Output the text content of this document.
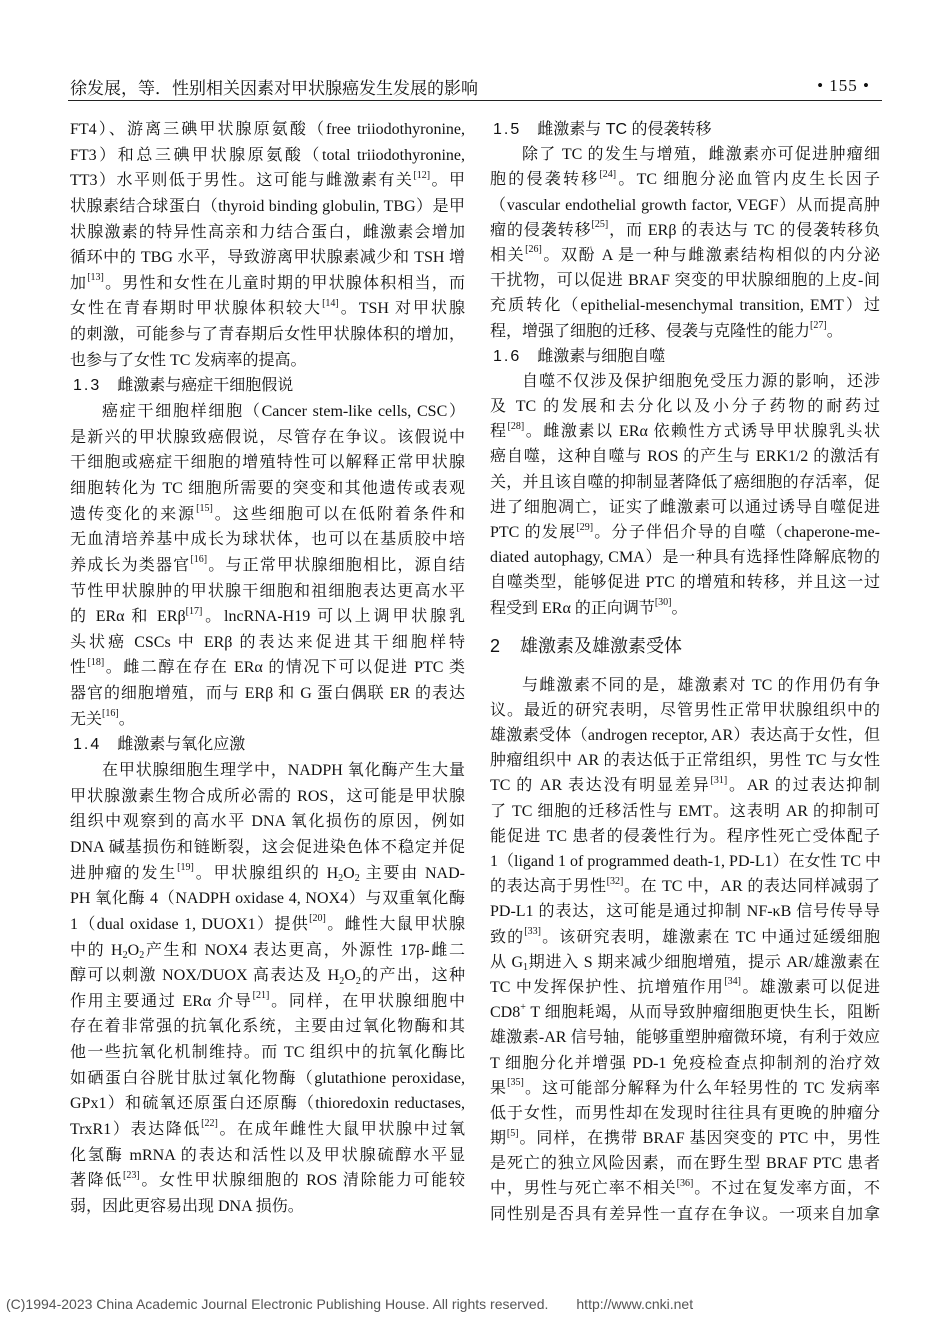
徐发展，等．性别相关因素对甲状腺癌发生发展的影响	• 155 •
FT4）、游离三碘甲状腺原氨酸（free triiodothyronine,
FT3）和总三碘甲状腺原氨酸（total triiodothyronine,
TT3）水平则低于男性。这可能与雌激素有关[12]。甲
状腺素结合球蛋白（thyroid binding globulin, TBG）是甲
状腺激素的特异性高亲和力结合蛋白，雌激素会增加
循环中的 TBG 水平，导致游离甲状腺素减少和 TSH 增
加[13]。男性和女性在儿童时期的甲状腺体积相当，而
女性在青春期时甲状腺体积较大[14]。TSH 对甲状腺
的刺激，可能参与了青春期后女性甲状腺体积的增加，
也参与了女性 TC 发病率的提高。
1.3 雌激素与癌症干细胞假说
癌症干细胞样细胞（Cancer stem-like cells, CSC）
是新兴的甲状腺致癌假说，尽管存在争议。该假说中
干细胞或癌症干细胞的增殖特性可以解释正常甲状腺
细胞转化为 TC 细胞所需要的突变和其他遗传或表观
遗传变化的来源[15]。这些细胞可以在低附着条件和
无血清培养基中成长为球状体，也可以在基质胶中培
养成长为类器官[16]。与正常甲状腺细胞相比，源自结
节性甲状腺肿的甲状腺干细胞和祖细胞表达更高水平
的 ERα 和 ERβ[17]。lncRNA-H19 可以上调甲状腺乳
头状癌 CSCs 中 ERβ 的表达来促进其干细胞样特
性[18]。雌二醇在存在 ERα 的情况下可以促进 PTC 类
器官的细胞增殖，而与 ERβ 和 G 蛋白偶联 ER 的表达
无关[16]。
1.4 雌激素与氧化应激
在甲状腺细胞生理学中，NADPH 氧化酶产生大量
甲状腺激素生物合成所必需的 ROS，这可能是甲状腺
组织中观察到的高水平 DNA 氧化损伤的原因，例如
DNA 碱基损伤和链断裂，这会促进染色体不稳定并促
进肿瘤的发生[19]。甲状腺组织的 $H_2O_2$ 主要由 NAD-
PH 氧化酶 4（NADPH oxidase 4, NOX4）与双重氧化酶
1（dual oxidase 1, DUOX1）提供[20]。雌性大鼠甲状腺
中的 $H_2O_2$产生和 NOX4 表达更高，外源性 17β-雌二
醇可以刺激 NOX/DUOX 高表达及 $H_2O_2$的产出，这种
作用主要通过 ERα 介导[21]。同样，在甲状腺细胞中
存在着非常强的抗氧化系统，主要由过氧化物酶和其
他一些抗氧化机制维持。而 TC 组织中的抗氧化酶比
如硒蛋白谷胱甘肽过氧化物酶（glutathione peroxidase,
GPx1）和硫氧还原蛋白还原酶（thioredoxin reductases,
TrxR1）表达降低[22]。在成年雌性大鼠甲状腺中过氧
化氢酶 mRNA 的表达和活性以及甲状腺硫醇水平显
著降低[23]。女性甲状腺细胞的 ROS 清除能力可能较
弱，因此更容易出现 DNA 损伤。
1.5 雌激素与 TC 的侵袭转移
除了 TC 的发生与增殖，雌激素亦可促进肿瘤细
胞的侵袭转移[24]。TC 细胞分泌血管内皮生长因子
（vascular endothelial growth factor, VEGF）从而提高肿
瘤的侵袭转移[25]，而 ERβ 的表达与 TC 的侵袭转移负
相关[26]。双酚 A 是一种与雌激素结构相似的内分泌
干扰物，可以促进 BRAF 突变的甲状腺细胞的上皮-间
充质转化（epithelial-mesenchymal transition, EMT）过
程，增强了细胞的迁移、侵袭与克隆性的能力[27]。
1.6 雌激素与细胞自噬
自噬不仅涉及保护细胞免受压力源的影响，还涉
及 TC 的发展和去分化以及小分子药物的耐药过
程[28]。雌激素以 ERα 依赖性方式诱导甲状腺乳头状
癌自噬，这种自噬与 ROS 的产生与 ERK1/2 的激活有
关，并且该自噬的抑制显著降低了癌细胞的存活率，促
进了细胞凋亡，证实了雌激素可以通过诱导自噬促进
PTC 的发展[29]。分子伴侣介导的自噬（chaperone-me-
diated autophagy, CMA）是一种具有选择性降解底物的
自噬类型，能够促进 PTC 的增殖和转移，并且这一过
程受到 ERα 的正向调节[30]。
2 雄激素及雄激素受体
与雌激素不同的是，雄激素对 TC 的作用仍有争
议。最近的研究表明，尽管男性正常甲状腺组织中的
雄激素受体（androgen receptor, AR）表达高于女性，但
肿瘤组织中 AR 的表达低于正常组织，男性 TC 与女性
TC 的 AR 表达没有明显差异[31]。AR 的过表达抑制
了 TC 细胞的迁移活性与 EMT。这表明 AR 的抑制可
能促进 TC 患者的侵袭性行为。程序性死亡受体配子
1（ligand 1 of programmed death-1, PD-L1）在女性 TC 中
的表达高于男性[32]。在 TC 中，AR 的表达同样减弱了
PD-L1 的表达，这可能是通过抑制 NF-κB 信号传导导
致的[33]。该研究表明，雄激素在 TC 中通过延缓细胞
从 $G_1$期进入 S 期来减少细胞增殖，提示 AR/雄激素在
TC 中发挥保护性、抗增殖作用[34]。雄激素可以促进
CD8+ T 细胞耗竭，从而导致肿瘤细胞更快生长，阻断
雄激素-AR 信号轴，能够重塑肿瘤微环境，有利于效应
T 细胞分化并增强 PD-1 免疫检查点抑制剂的治疗效
果[35]。这可能部分解释为什么年轻男性的 TC 发病率
低于女性，而男性却在发现时往往具有更晚的肿瘤分
期[5]。同样，在携带 BRAF 基因突变的 PTC 中，男性
是死亡的独立风险因素，而在野生型 BRAF PTC 患者
中，男性与死亡率不相关[36]。不过在复发率方面，不
同性别是否具有差异性一直存在争议。一项来自加拿
(C)1994-2023 China Academic Journal Electronic Publishing House. All rights reserved. http://www.cnki.net
